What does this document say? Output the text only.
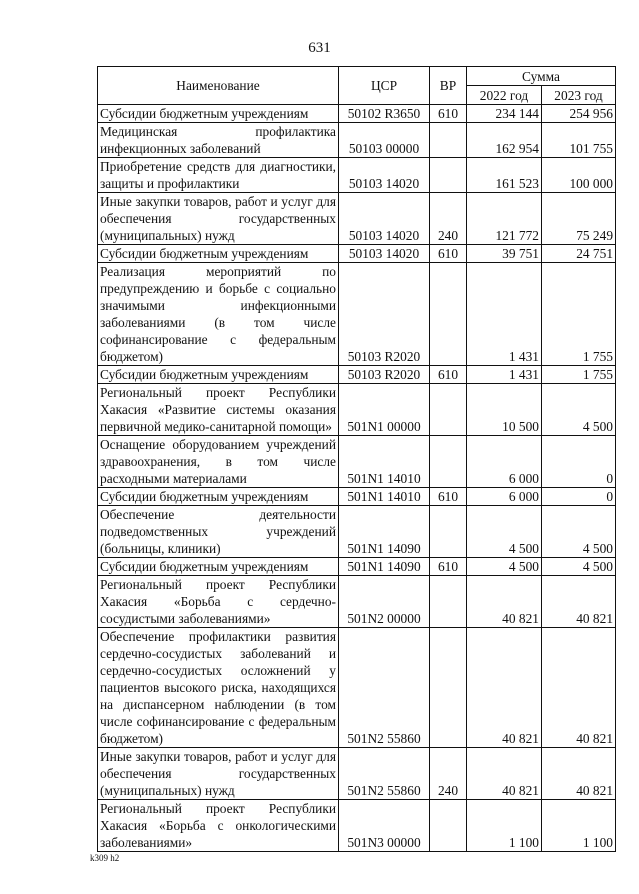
631
Наименование	ЦСР	ВР	Сумма	
			2022 год	2023 год
Субсидии бюджетным учреждениям	50102 R3650	610	234 144	254 956
Медицинская профилактика инфекционных заболеваний	50103 00000		162 954	101 755
Приобретение средств для диагностики, защиты и профилактики	50103 14020		161 523	100 000
Иные закупки товаров, работ и услуг для обеспечения государственных (муниципальных) нужд	50103 14020	240	121 772	75 249
Субсидии бюджетным учреждениям	50103 14020	610	39 751	24 751
Реализация мероприятий по предупреждению и борьбе с социально значимыми инфекционными заболеваниями (в том числе софинансирование с федеральным бюджетом)	50103 R2020		1 431	1 755
Субсидии бюджетным учреждениям	50103 R2020	610	1 431	1 755
Региональный проект Республики Хакасия «Развитие системы оказания первичной медико-санитарной помощи»	501N1 00000		10 500	4 500
Оснащение оборудованием учреждений здравоохранения, в том числе расходными материалами	501N1 14010		6 000	0
Субсидии бюджетным учреждениям	501N1 14010	610	6 000	0
Обеспечение деятельности подведомственных учреждений (больницы, клиники)	501N1 14090		4 500	4 500
Субсидии бюджетным учреждениям	501N1 14090	610	4 500	4 500
Региональный проект Республики Хакасия «Борьба с сердечно-сосудистыми заболеваниями»	501N2 00000		40 821	40 821
Обеспечение профилактики развития сердечно-сосудистых заболеваний и сердечно-сосудистых осложнений у пациентов высокого риска, находящихся на диспансерном наблюдении (в том числе софинансирование с федеральным бюджетом)	501N2 55860		40 821	40 821
Иные закупки товаров, работ и услуг для обеспечения государственных (муниципальных) нужд	501N2 55860	240	40 821	40 821
Региональный проект Республики Хакасия «Борьба с онкологическими заболеваниями»	501N3 00000		1 100	1 100
k309 h2
